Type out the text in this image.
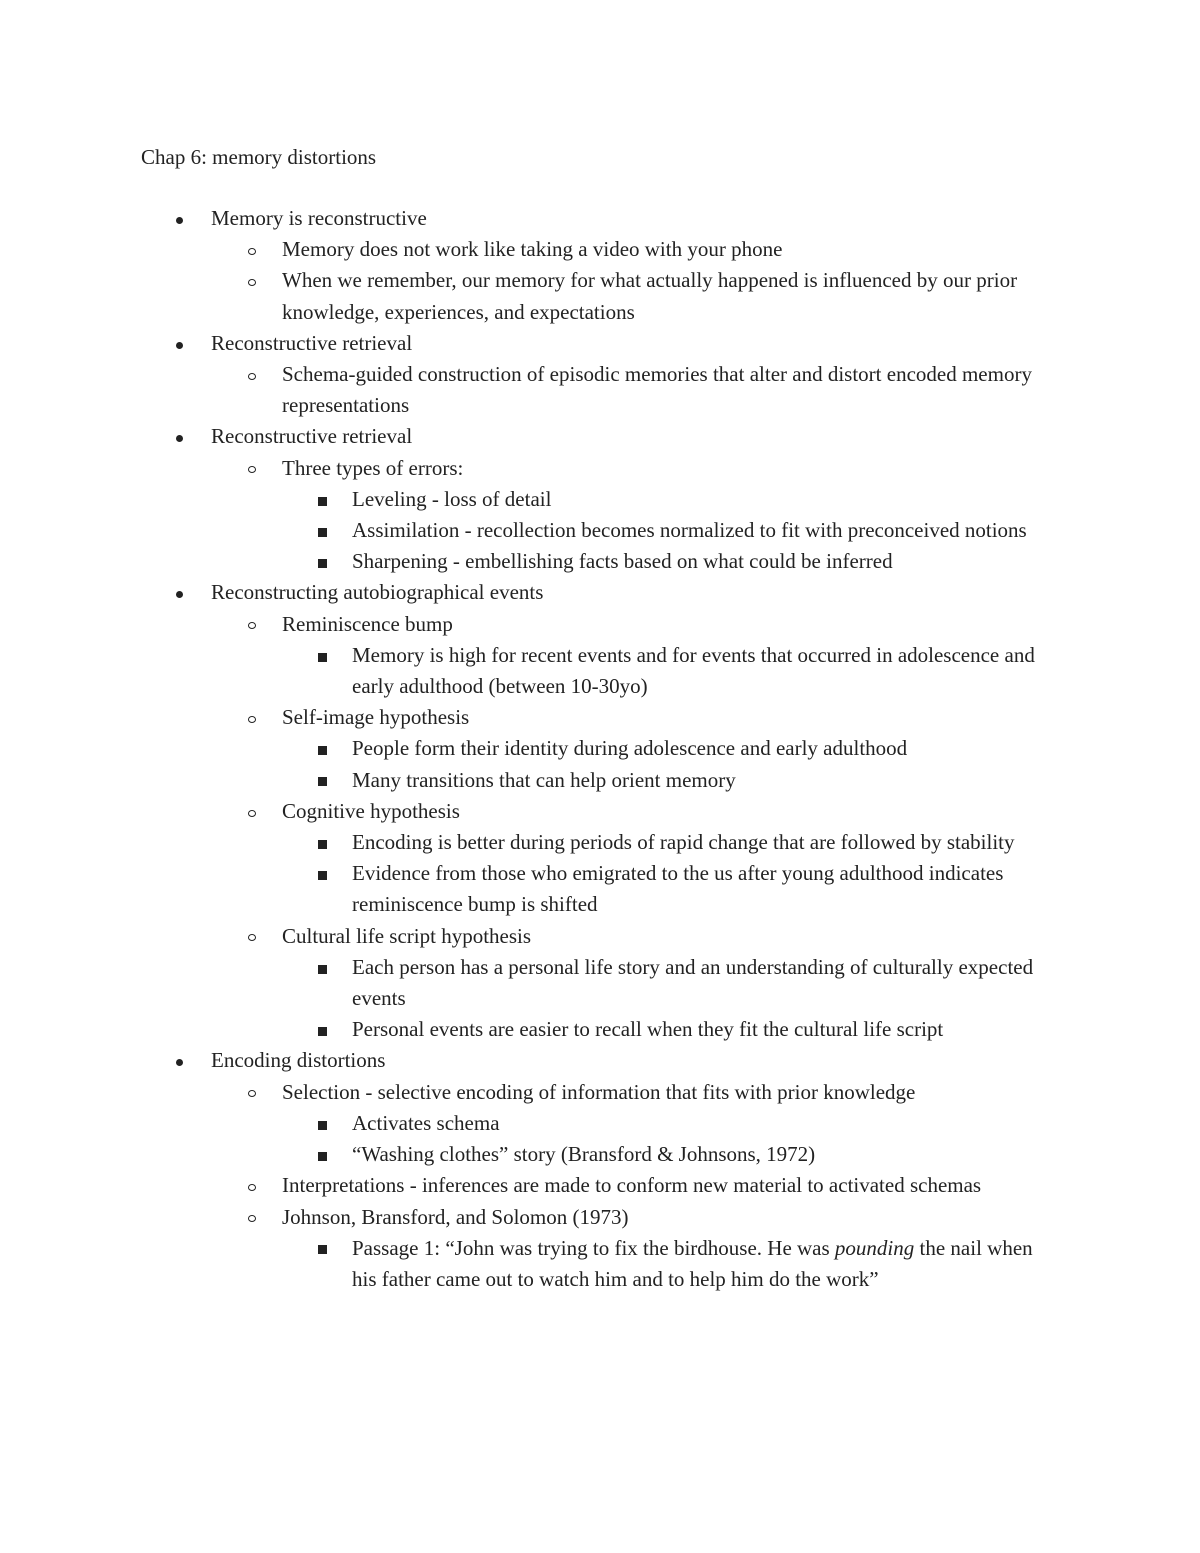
Chap 6: memory distortions
Memory is reconstructive
Memory does not work like taking a video with your phone
When we remember, our memory for what actually happened is influenced by our prior knowledge, experiences, and expectations
Reconstructive retrieval
Schema-guided construction of episodic memories that alter and distort encoded memory representations
Reconstructive retrieval
Three types of errors:
Leveling - loss of detail
Assimilation - recollection becomes normalized to fit with preconceived notions
Sharpening - embellishing facts based on what could be inferred
Reconstructing autobiographical events
Reminiscence bump
Memory is high for recent events and for events that occurred in adolescence and early adulthood (between 10-30yo)
Self-image hypothesis
People form their identity during adolescence and early adulthood
Many transitions that can help orient memory
Cognitive hypothesis
Encoding is better during periods of rapid change that are followed by stability
Evidence from those who emigrated to the us after young adulthood indicates reminiscence bump is shifted
Cultural life script hypothesis
Each person has a personal life story and an understanding of culturally expected events
Personal events are easier to recall when they fit the cultural life script
Encoding distortions
Selection - selective encoding of information that fits with prior knowledge
Activates schema
“Washing clothes” story (Bransford & Johnsons, 1972)
Interpretations - inferences are made to conform new material to activated schemas
Johnson, Bransford, and Solomon (1973)
Passage 1: “John was trying to fix the birdhouse. He was pounding the nail when his father came out to watch him and to help him do the work”
